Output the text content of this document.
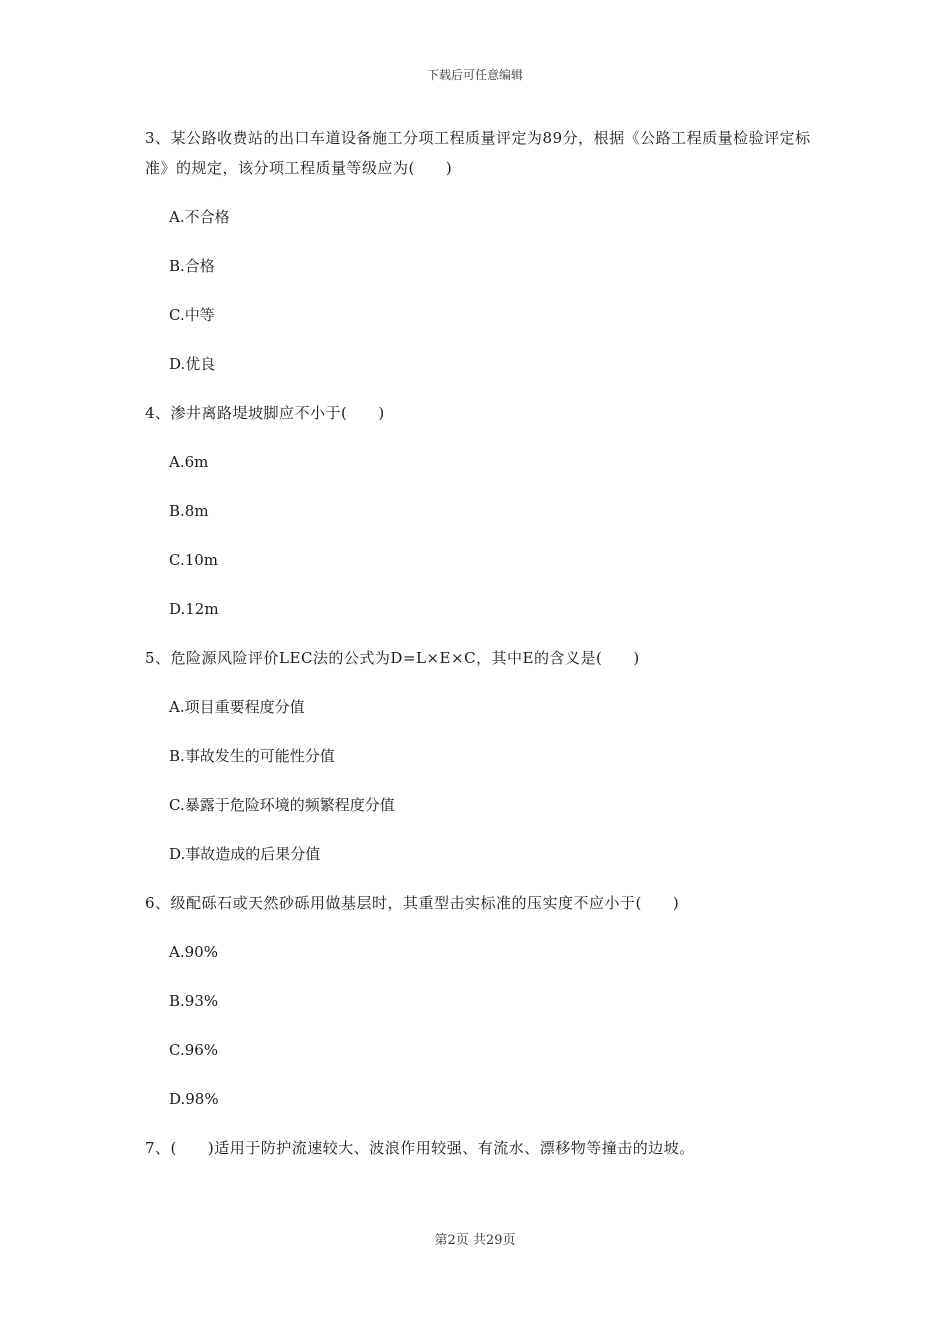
下载后可任意编辑
3、某公路收费站的出口车道设备施工分项工程质量评定为89分，根据《公路工程质量检验评定标准》的规定，该分项工程质量等级应为(　　)
A.不合格
B.合格
C.中等
D.优良
4、渗井离路堤坡脚应不小于(　　)
A.6m
B.8m
C.10m
D.12m
5、危险源风险评价LEC法的公式为D=L×E×C，其中E的含义是(　　)
A.项目重要程度分值
B.事故发生的可能性分值
C.暴露于危险环境的频繁程度分值
D.事故造成的后果分值
6、级配砾石或天然砂砾用做基层时，其重型击实标准的压实度不应小于(　　)
A.90%
B.93%
C.96%
D.98%
7、(　　)适用于防护流速较大、波浪作用较强、有流水、漂移物等撞击的边坡。
第2页 共29页
